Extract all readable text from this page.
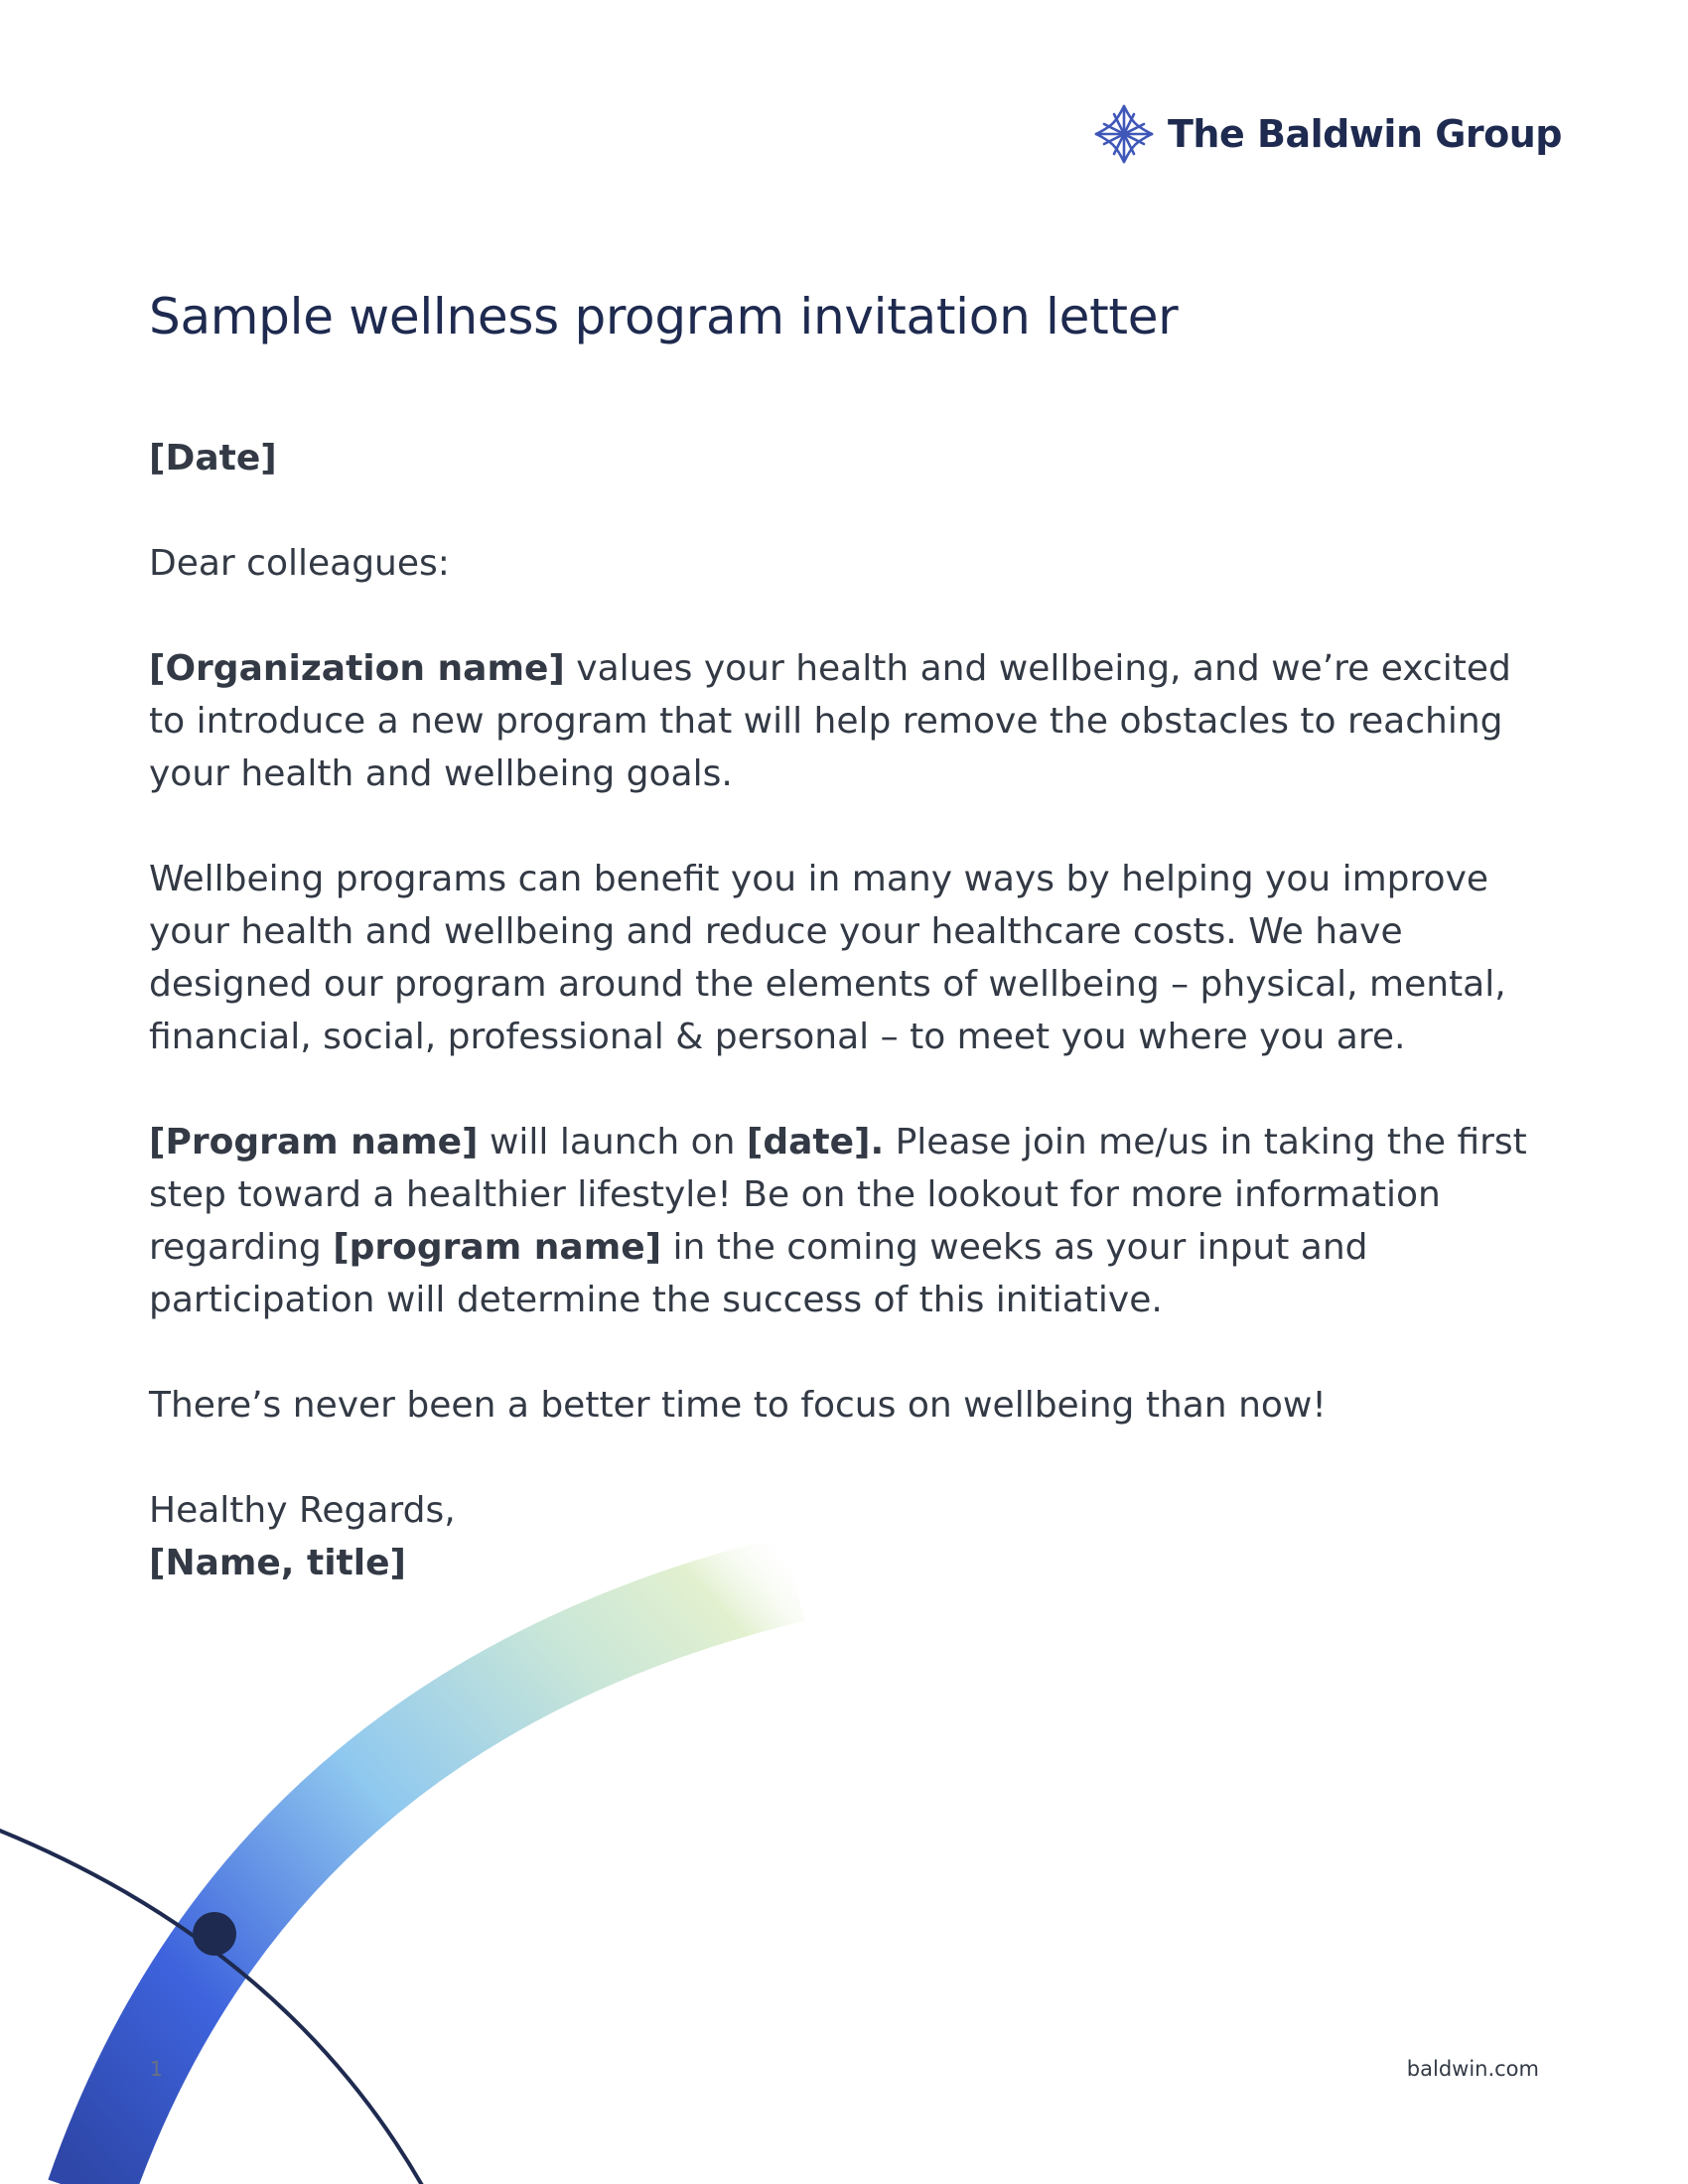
The Baldwin Group
Sample wellness program invitation letter

[Date]

Dear colleagues:

[Organization name] values your health and wellbeing, and we’re excited to introduce a new program that will help remove the obstacles to reaching your health and wellbeing goals.

Wellbeing programs can benefit you in many ways by helping you improve your health and wellbeing and reduce your healthcare costs. We have designed our program around the elements of wellbeing – physical, mental, financial, social, professional & personal – to meet you where you are.

[Program name] will launch on [date]. Please join me/us in taking the first step toward a healthier lifestyle! Be on the lookout for more information regarding [program name] in the coming weeks as your input and participation will determine the success of this initiative.

There’s never been a better time to focus on wellbeing than now!

Healthy Regards,

[Name, title]

1	baldwin.com
